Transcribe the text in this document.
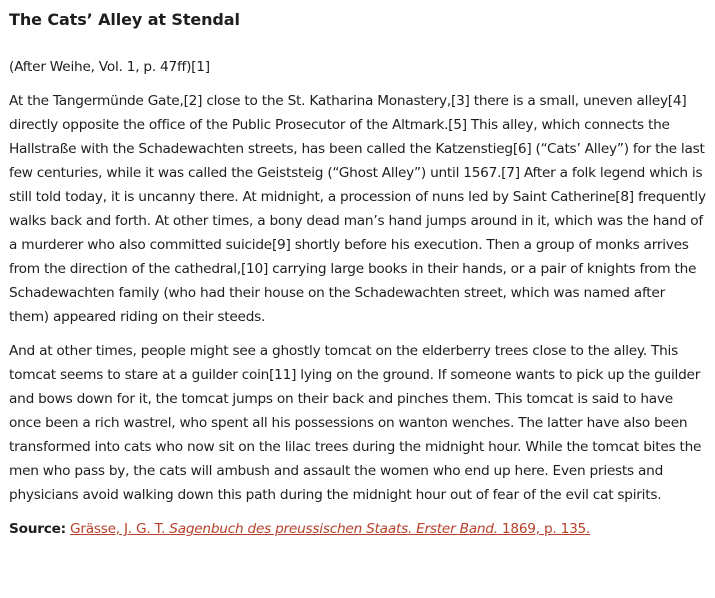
The Cats’ Alley at Stendal

(After Weihe, Vol. 1, p. 47ff)[1]

At the Tangermünde Gate,[2] close to the St. Katharina Monastery,[3] there is a small, uneven alley[4] directly opposite the office of the Public Prosecutor of the Altmark.[5] This alley, which connects the Hallstraße with the Schadewachten streets, has been called the Katzenstieg[6] (“Cats’ Alley”) for the last few centuries, while it was called the Geiststeig (“Ghost Alley”) until 1567.[7] After a folk legend which is still told today, it is uncanny there. At midnight, a procession of nuns led by Saint Catherine[8] frequently walks back and forth. At other times, a bony dead man’s hand jumps around in it, which was the hand of a murderer who also committed suicide[9] shortly before his execution. Then a group of monks arrives from the direction of the cathedral,[10] carrying large books in their hands, or a pair of knights from the Schadewachten family (who had their house on the Schadewachten street, which was named after them) appeared riding on their steeds.

And at other times, people might see a ghostly tomcat on the elderberry trees close to the alley. This tomcat seems to stare at a guilder coin[11] lying on the ground. If someone wants to pick up the guilder and bows down for it, the tomcat jumps on their back and pinches them. This tomcat is said to have once been a rich wastrel, who spent all his possessions on wanton wenches. The latter have also been transformed into cats who now sit on the lilac trees during the midnight hour. While the tomcat bites the men who pass by, the cats will ambush and assault the women who end up here. Even priests and physicians avoid walking down this path during the midnight hour out of fear of the evil cat spirits.

Source: Grässe, J. G. T. Sagenbuch des preussischen Staats. Erster Band. 1869, p. 135.
